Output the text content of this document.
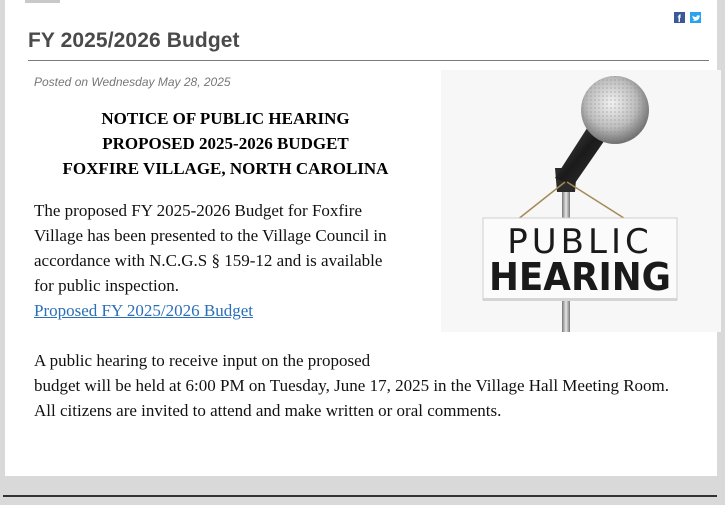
f
FY 2025/2026 Budget
Posted on Wednesday May 28, 2025
NOTICE OF PUBLIC HEARING
PROPOSED 2025-2026 BUDGET
FOXFIRE VILLAGE, NORTH CAROLINA

The proposed FY 2025-2026 Budget for Foxfire

Village has been presented to the Village Council in

accordance with N.C.G.S § 159-12 and is available

for public inspection.

Proposed FY 2025/2026 Budget

A public hearing to receive input on the proposed

budget will be held at 6:00 PM on Tuesday, June 17, 2025 in the Village Hall Meeting Room.

All citizens are invited to attend and make written or oral comments.

PUBLIC
HEARING
